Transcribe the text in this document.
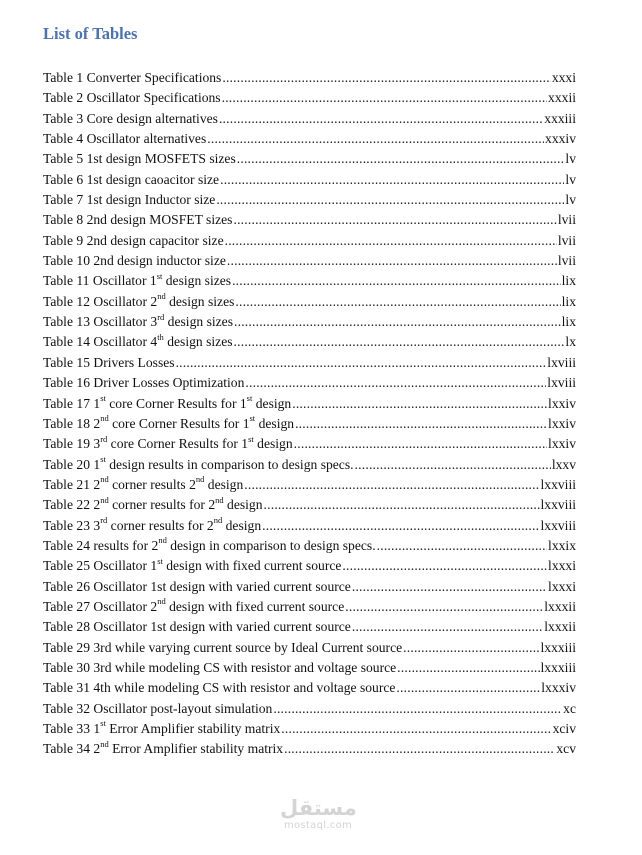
List of Tables
Table 1 Converter Specifications .....	xxxi
Table 2 Oscillator Specifications .....	xxxii
Table 3 Core design alternatives .....	xxxiii
Table 4 Oscillator alternatives .....	xxxiv
Table 5 1st design MOSFETS sizes .....	lv
Table 6 1st design caoacitor size .....	lv
Table 7 1st design Inductor size .....	lv
Table 8 2nd design MOSFET sizes .....	lvii
Table 9 2nd design capacitor size .....	lvii
Table 10 2nd design inductor size .....	lvii
Table 11 Oscillator 1st design sizes .....	lix
Table 12 Oscillator 2nd design sizes .....	lix
Table 13 Oscillator 3rd design sizes .....	lix
Table 14 Oscillator 4th design sizes .....	lx
Table 15 Drivers Losses .....	lxviii
Table 16 Driver Losses Optimization .....	lxviii
Table 17 1st core Corner Results for 1st design .....	lxxiv
Table 18 2nd core Corner Results for 1st design .....	lxxiv
Table 19 3rd core Corner Results for 1st design .....	lxxiv
Table 20 1st design results in comparison to design specs. .....	lxxv
Table 21 2nd corner results 2nd design .....	lxxviii
Table 22 2nd corner results for 2nd design .....	lxxviii
Table 23 3rd corner results for 2nd design .....	lxxviii
Table 24 results for 2nd design in comparison to design specs. .....	lxxix
Table 25 Oscillator 1st design with fixed current source .....	lxxxi
Table 26 Oscillator 1st design with varied current source .....	lxxxi
Table 27 Oscillator 2nd design with fixed current source .....	lxxxii
Table 28 Oscillator 1st design with varied current source .....	lxxxii
Table 29 3rd while varying current source by Ideal Current source .....	lxxxiii
Table 30 3rd while modeling CS with resistor and voltage source .....	lxxxiii
Table 31 4th while modeling CS with resistor and voltage source .....	lxxxiv
Table 32 Oscillator post-layout simulation .....	xc
Table 33 1st Error Amplifier stability matrix .....	xciv
Table 34 2nd Error Amplifier stability matrix .....	xcv
مستقل
mostaql.com
